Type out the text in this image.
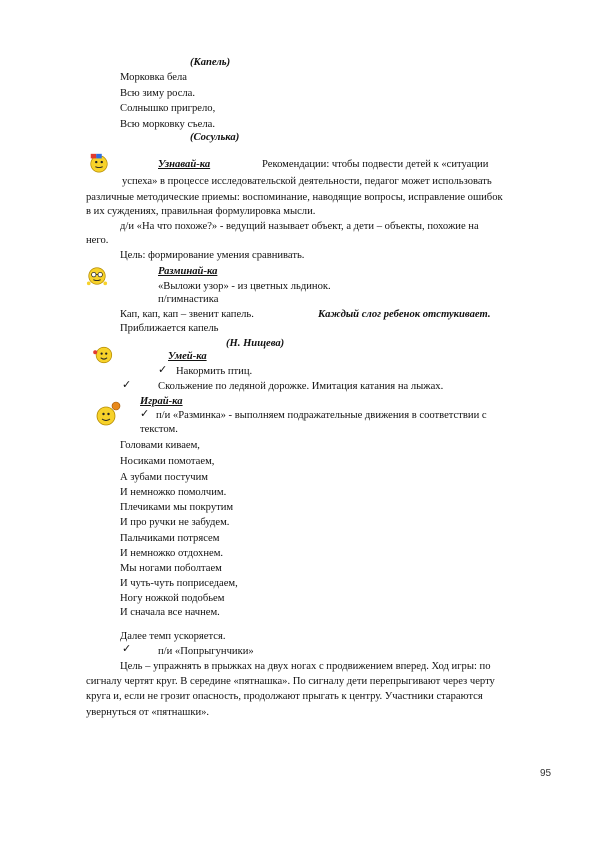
(Капель)
Морковка бела
Всю зиму росла.
Солнышко пригрело,
Всю морковку съела.
(Сосулька)
Узнавай-ка	Рекомендации: чтобы подвести детей к «ситуации
успеха» в процессе исследовательской деятельности, педагог может использовать
различные методические приемы: воспоминание, наводящие вопросы, исправление ошибок
в их суждениях, правильная формулировка мысли.
д/и «На что похоже?» - ведущий называет объект, а дети – объекты, похожие на
него.
Цель: формирование умения сравнивать.
Разминай-ка
«Выложи узор» - из цветных льдинок.
п/гимнастика
Кап, кап, кап – звенит капель.	Каждый слог ребенок отстукивает.
Приближается капель
(Н. Нищева)
Умей-ка
✓ Накормить птиц.
✓	Скольжение по ледяной дорожке. Имитация катания на лыжах.
Играй-ка
✓ п/и «Разминка» - выполняем подражательные движения в соответствии с
текстом.
Головами киваем,
Носиками помотаем,
А зубами постучим
И немножко помолчим.
Плечиками мы покрутим
И про ручки не забудем.
Пальчиками потрясем
И немножко отдохнем.
Мы ногами поболтаем
И чуть-чуть поприседаем,
Ногу ножкой подобьем
И сначала все начнем.
Далее темп ускоряется.
✓	п/и «Попрыгунчики»
Цель – упражнять в прыжках на двух ногах с продвижением вперед. Ход игры: по
сигналу чертят круг. В середине «пятнашка». По сигналу дети перепрыгивают через черту
круга и, если не грозит опасность, продолжают прыгать к центру. Участники стараются
увернуться от «пятнашки».
95
